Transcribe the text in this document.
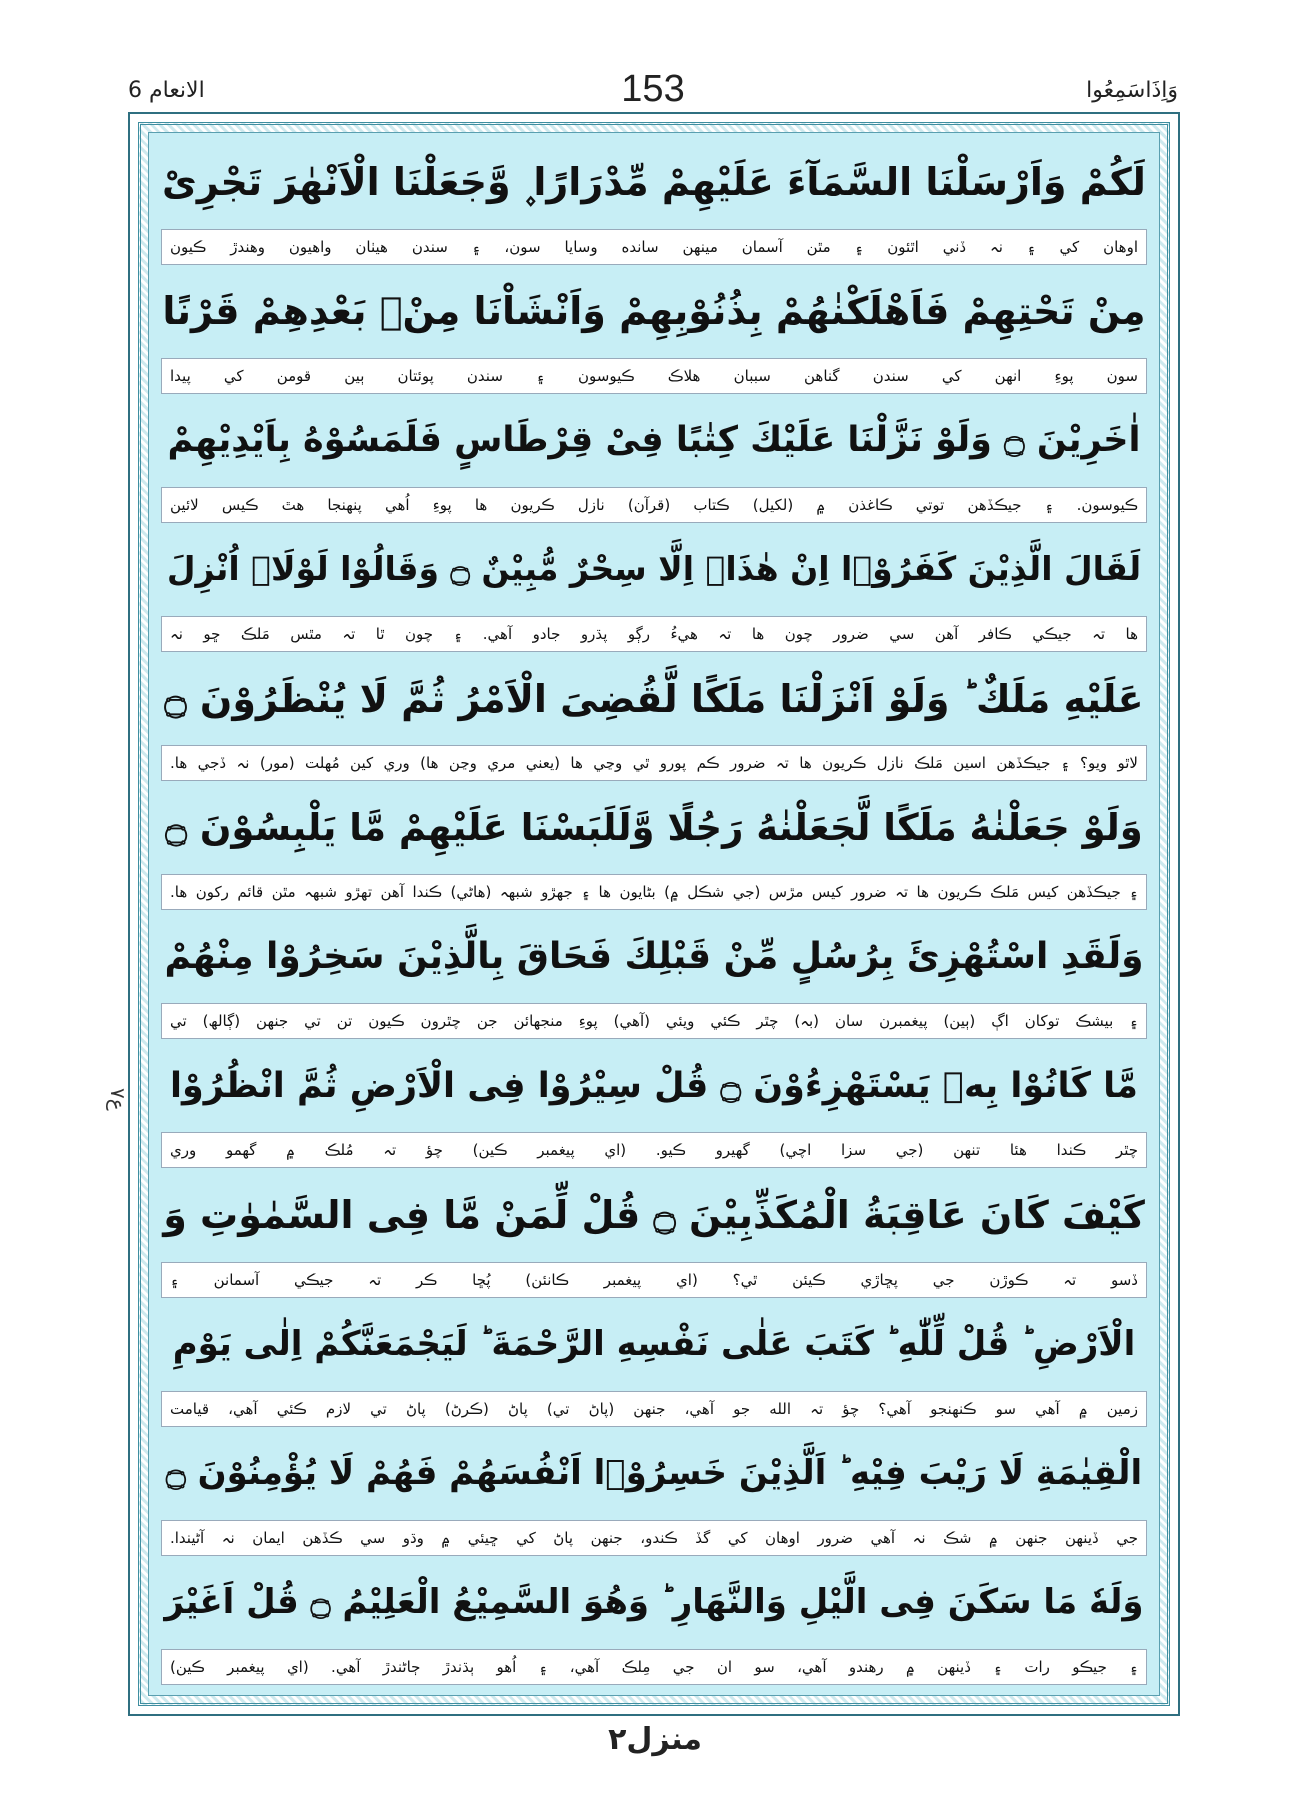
وَاِذَاسَمِعُوا
153
الانعام 6
لَكُمْ وَاَرْسَلْنَا السَّمَآءَ عَلَيْهِمْ مِّدْرَارًا ۪ وَّجَعَلْنَا الْاَنْهٰرَ تَجْرِیْ
اوهان کي ۽ نہ ڏني اٿئون ۽ مٿن آسمان مينهن سانده وسايا سون، ۽ سندن هيٺان واهيون وهندڙ ڪيون
مِنْ تَحْتِهِمْ فَاَهْلَكْنٰهُمْ بِذُنُوْبِهِمْ وَاَنْشَاْنَا مِنْۢ بَعْدِهِمْ قَرْنًا
سون پوءِ انهن کي سندن گناهن سببان هلاڪ ڪيوسون ۽ سندن پوئتان ٻين قومن کي پيدا
اٰخَرِيْنَ ۝ وَلَوْ نَزَّلْنَا عَلَيْكَ كِتٰبًا فِیْ قِرْطَاسٍ فَلَمَسُوْهُ بِاَيْدِيْهِمْ
ڪيوسون. ۽ جيڪڏهن توتي ڪاغذن ۾ (لکيل) ڪتاب (قرآن) نازل ڪريون ها پوءِ اُهي پنهنجا هٿ ڪيس لائين
لَقَالَ الَّذِيْنَ كَفَرُوْۤا اِنْ هٰذَاۤ اِلَّا سِحْرٌ مُّبِيْنٌ ۝ وَقَالُوْا لَوْلَاۤ اُنْزِلَ
ها تہ جيڪي ڪافر آهن سي ضرور چون ها تہ هيءُ رڳو پڌرو جادو آهي. ۽ چون ٿا تہ مٿس مَلڪ ڇو نہ
عَلَيْهِ مَلَكٌ ؕ وَلَوْ اَنْزَلْنَا مَلَكًا لَّقُضِیَ الْاَمْرُ ثُمَّ لَا يُنْظَرُوْنَ ۝
لاٿو ويو؟ ۽ جيڪڏهن اسين مَلڪ نازل ڪريون ها تہ ضرور ڪم پورو ٿي وڃي ها (يعني مري وڃن ها) وري کين مُهلت (مور) نہ ڏجي ها.
وَلَوْ جَعَلْنٰهُ مَلَكًا لَّجَعَلْنٰهُ رَجُلًا وَّلَلَبَسْنَا عَلَيْهِمْ مَّا يَلْبِسُوْنَ ۝
۽ جيڪڏهن کيس مَلڪ ڪريون ها تہ ضرور کيس مڙس (جي شڪل ۾) بڻايون ها ۽ جهڙو شبهہ (هاڻي) ڪندا آهن تهڙو شبهہ مٿن قائم رکون ها.
وَلَقَدِ اسْتُهْزِئَ بِرُسُلٍ مِّنْ قَبْلِكَ فَحَاقَ بِالَّذِيْنَ سَخِرُوْا مِنْهُمْ
۽ بيشڪ توکان اڳ (ٻين) پيغمبرن سان (بہ) چٿر ڪئي ويئي (آهي) پوءِ منجهائن جن چٿرون ڪيون تن تي جنهن (ڳالھ) تي
مَّا كَانُوْا بِهٖ يَسْتَهْزِءُوْنَ ۝ قُلْ سِيْرُوْا فِی الْاَرْضِ ثُمَّ انْظُرُوْا
چٿر ڪندا هئا تنهن (جي سزا اچي) گهيرو ڪيو. (اي پيغمبر ڪين) چؤ تہ مُلڪ ۾ گهمو وري
كَيْفَ كَانَ عَاقِبَةُ الْمُكَذِّبِيْنَ ۝ قُلْ لِّمَنْ مَّا فِی السَّمٰوٰتِ وَ
ڏسو تہ ڪوڙن جي پڇاڙي ڪيئن ٿي؟ (اي پيغمبر ڪانئن) پُڇا ڪر تہ جيڪي آسمانن ۽
الْاَرْضِ ؕ قُلْ لِّلّٰهِ ؕ كَتَبَ عَلٰى نَفْسِهِ الرَّحْمَةَ ؕ لَيَجْمَعَنَّكُمْ اِلٰى يَوْمِ
زمين ۾ آهي سو ڪنهنجو آهي؟ چؤ تہ الله جو آهي، جنهن (پاڻ تي) پاڻ (ڪرڻ) پاڻ تي لازم ڪئي آهي، قيامت
الْقِيٰمَةِ لَا رَيْبَ فِيْهِ ؕ اَلَّذِيْنَ خَسِرُوْۤا اَنْفُسَهُمْ فَهُمْ لَا يُؤْمِنُوْنَ ۝
جي ڏينهن جنهن ۾ شڪ نہ آهي ضرور اوهان کي گڏ ڪندو، جنهن پاڻ کي ڇيئي ۾ وڌو سي ڪڏهن ايمان نہ آڻيندا.
وَلَهٗ مَا سَكَنَ فِی الَّيْلِ وَالنَّهَارِ ؕ وَهُوَ السَّمِيْعُ الْعَلِيْمُ ۝ قُلْ اَغَيْرَ
۽ جيڪو رات ۽ ڏينهن ۾ رهندو آهي، سو ان جي مِلڪ آهي، ۽ اُهو ٻڌندڙ ڄاڻندڙ آهي. (اي پيغمبر ڪين)
ع۷
منزل۲
